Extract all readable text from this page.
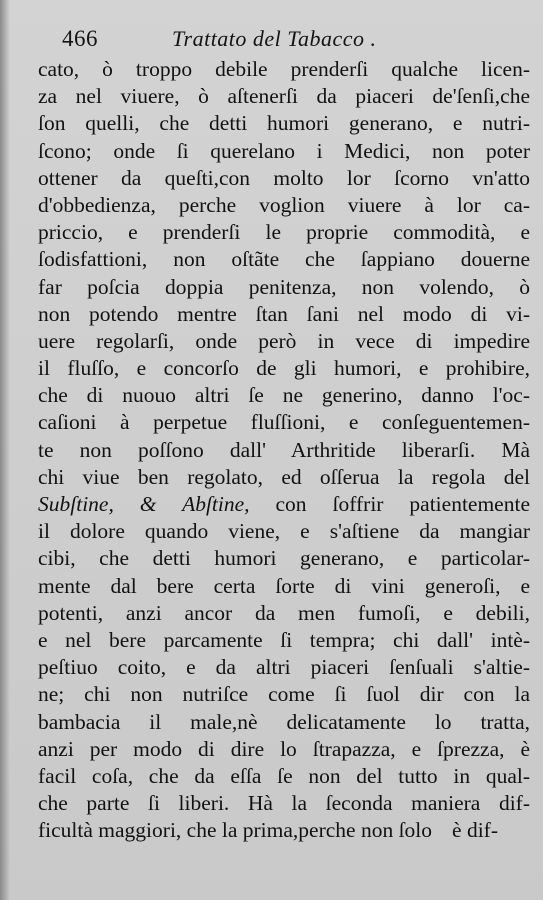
466	Trattato del Tabacco .
cato, ò troppo debile prenderſi qualche licen-
za nel viuere, ò aſtenerſi da piaceri de'ſenſi,che
ſon quelli, che detti humori generano, e nutri-
ſcono; onde ſi querelano i Medici, non poter
ottener da queſti,con molto lor ſcorno vn'atto
d'obbedienza, perche voglion viuere à lor ca-
priccio, e prenderſi le proprie commodità, e
ſodisfattioni, non oſtãte che ſappiano douerne
far poſcia doppia penitenza, non volendo, ò
non potendo mentre ſtan ſani nel modo di vi-
uere regolarſi, onde però in vece di impedire
il fluſſo, e concorſo de gli humori, e prohibire,
che di nuouo altri ſe ne generino, danno l'oc-
caſioni à perpetue fluſſioni, e conſeguentemen-
te non poſſono dall' Arthritide liberarſi. Mà
chi viue ben regolato, ed oſſerua la regola del
Subſtine, & Abſtine, con ſoffrir patientemente
il dolore quando viene, e s'aſtiene da mangiar
cibi, che detti humori generano, e particolar-
mente dal bere certa ſorte di vini generoſi, e
potenti, anzi ancor da men fumoſi, e debili,
e nel bere parcamente ſi tempra; chi dall' intè-
peſtiuo coito, e da altri piaceri ſenſuali s'altie-
ne; chi non nutriſce come ſi ſuol dir con la
bambacia il male,nè delicatamente lo tratta,
anzi per modo di dire lo ſtrapazza, e ſprezza, è
facil coſa, che da eſſa ſe non del tutto in qual-
che parte ſi liberi. Hà la ſeconda maniera dif-
ficultà maggiori, che la prima,perche non ſolo è dif-
